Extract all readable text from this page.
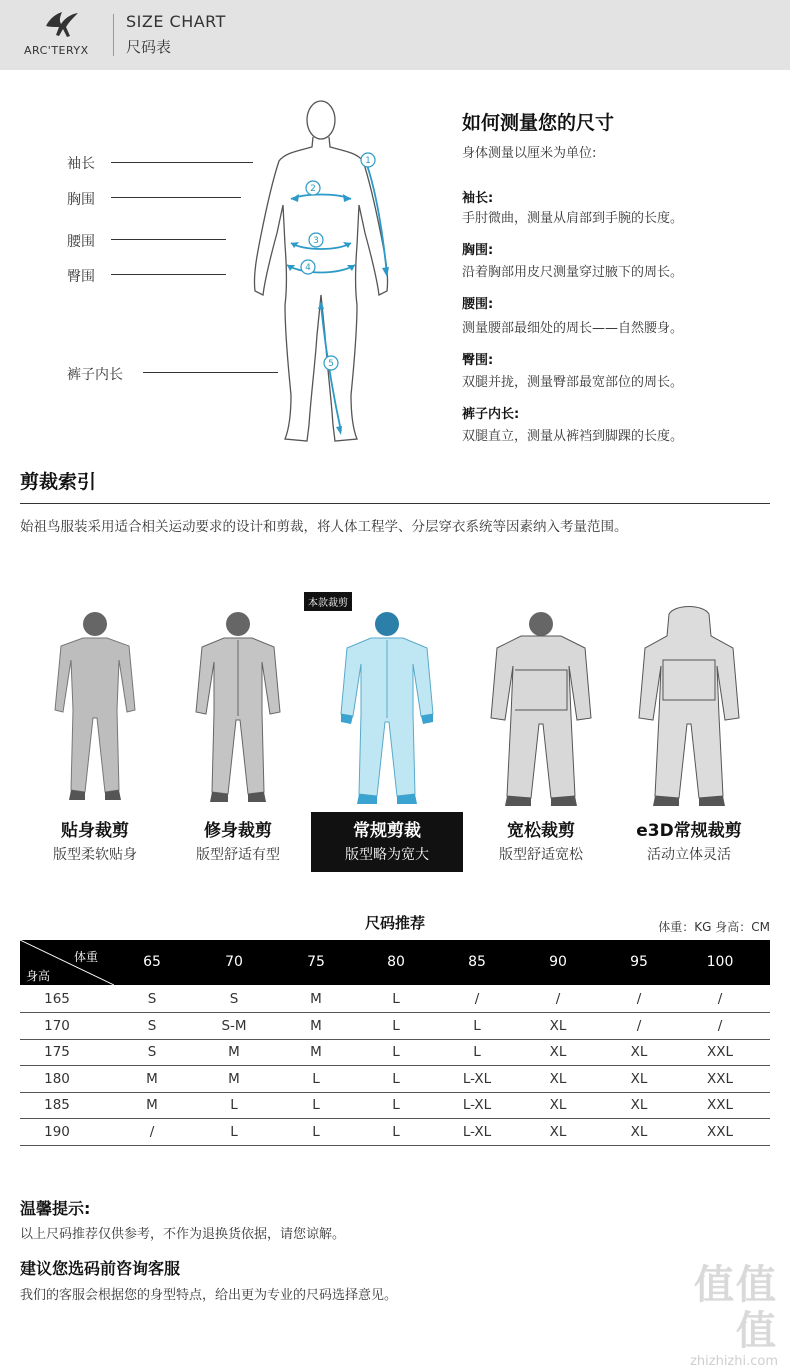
ARC'TERYX
SIZE CHART
尺码表
袖长
胸围
腰围
臀围
裤子内长
1
2
3
4
5
如何测量您的尺寸
身体测量以厘米为单位:
袖长:
手肘微曲，测量从肩部到手腕的长度。
胸围:
沿着胸部用皮尺测量穿过腋下的周长。
腰围:
测量腰部最细处的周长——自然腰身。
臀围:
双腿并拢，测量臀部最宽部位的周长。
裤子内长:
双腿直立，测量从裤裆到脚踝的长度。
剪裁索引
始祖鸟服装采用适合相关运动要求的设计和剪裁，将人体工程学、分层穿衣系统等因素纳入考量范围。
贴身裁剪
版型柔软贴身
修身裁剪
版型舒适有型
常规剪裁
版型略为宽大
本款裁剪
宽松裁剪
版型舒适宽松
e3D常规裁剪
活动立体灵活
尺码推荐	体重：KG 身高：CM
体重
身高
65	70	75	80	85	90	95	100
165	S	S	M	L	/	/	/	/
170	S	S-M	M	L	L	XL	/	/
175	S	M	M	L	L	XL	XL	XXL
180	M	M	L	L	L-XL	XL	XL	XXL
185	M	L	L	L	L-XL	XL	XL	XXL
190	/	L	L	L	L-XL	XL	XL	XXL
温馨提示:
以上尺码推荐仅供参考，不作为退换货依据，请您谅解。
建议您选码前咨询客服
我们的客服会根据您的身型特点，给出更为专业的尺码选择意见。	值值值
zhizhizhi.com
